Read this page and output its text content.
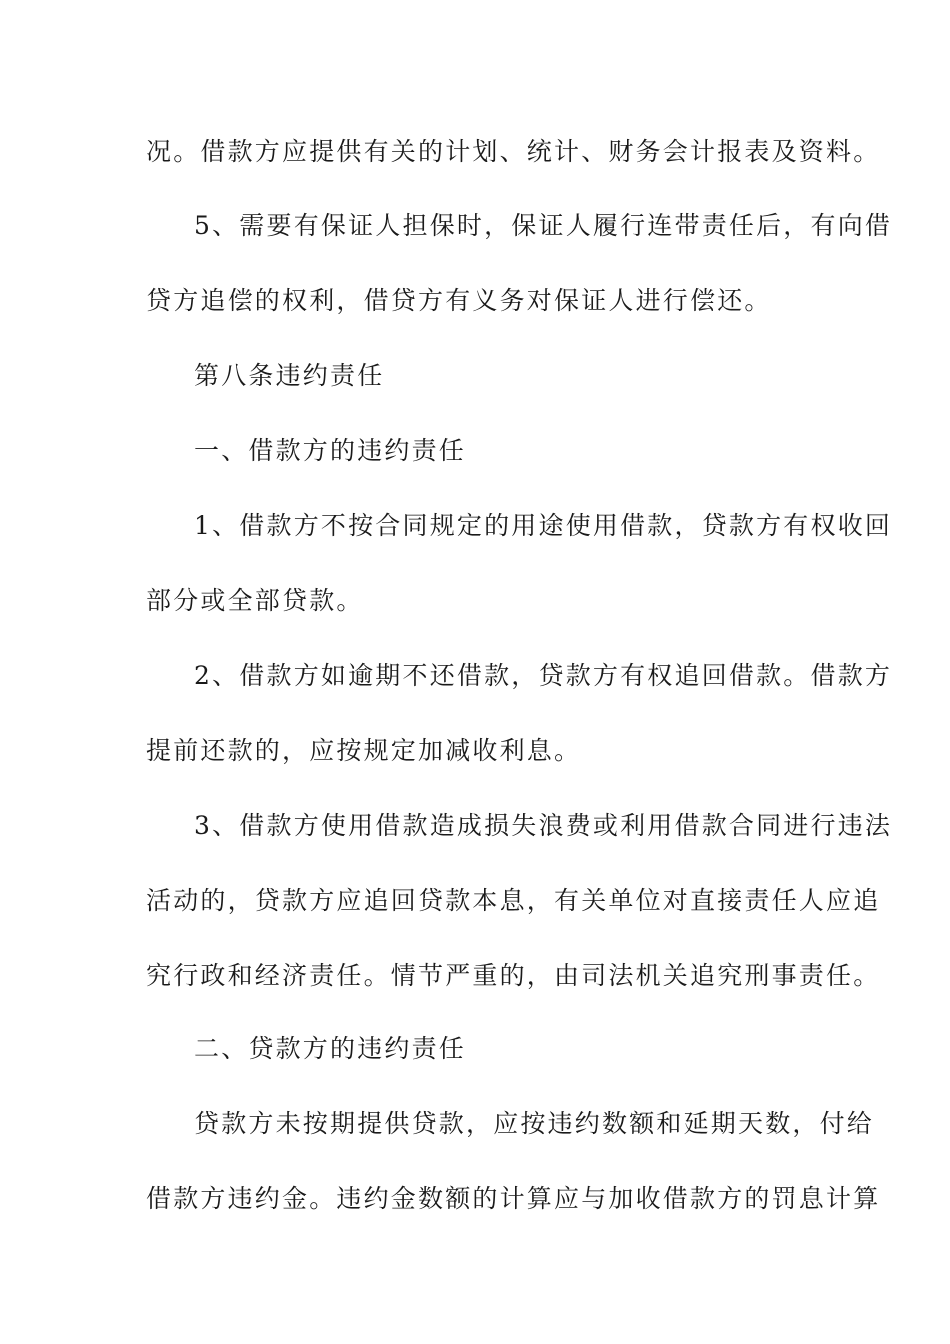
况。借款方应提供有关的计划、统计、财务会计报表及资料。
5、需要有保证人担保时，保证人履行连带责任后，有向借
贷方追偿的权利，借贷方有义务对保证人进行偿还。
第八条违约责任
一、借款方的违约责任
1、借款方不按合同规定的用途使用借款，贷款方有权收回
部分或全部贷款。
2、借款方如逾期不还借款，贷款方有权追回借款。借款方
提前还款的，应按规定加减收利息。
3、借款方使用借款造成损失浪费或利用借款合同进行违法
活动的，贷款方应追回贷款本息，有关单位对直接责任人应追
究行政和经济责任。情节严重的，由司法机关追究刑事责任。
二、贷款方的违约责任
贷款方未按期提供贷款，应按违约数额和延期天数，付给
借款方违约金。违约金数额的计算应与加收借款方的罚息计算
